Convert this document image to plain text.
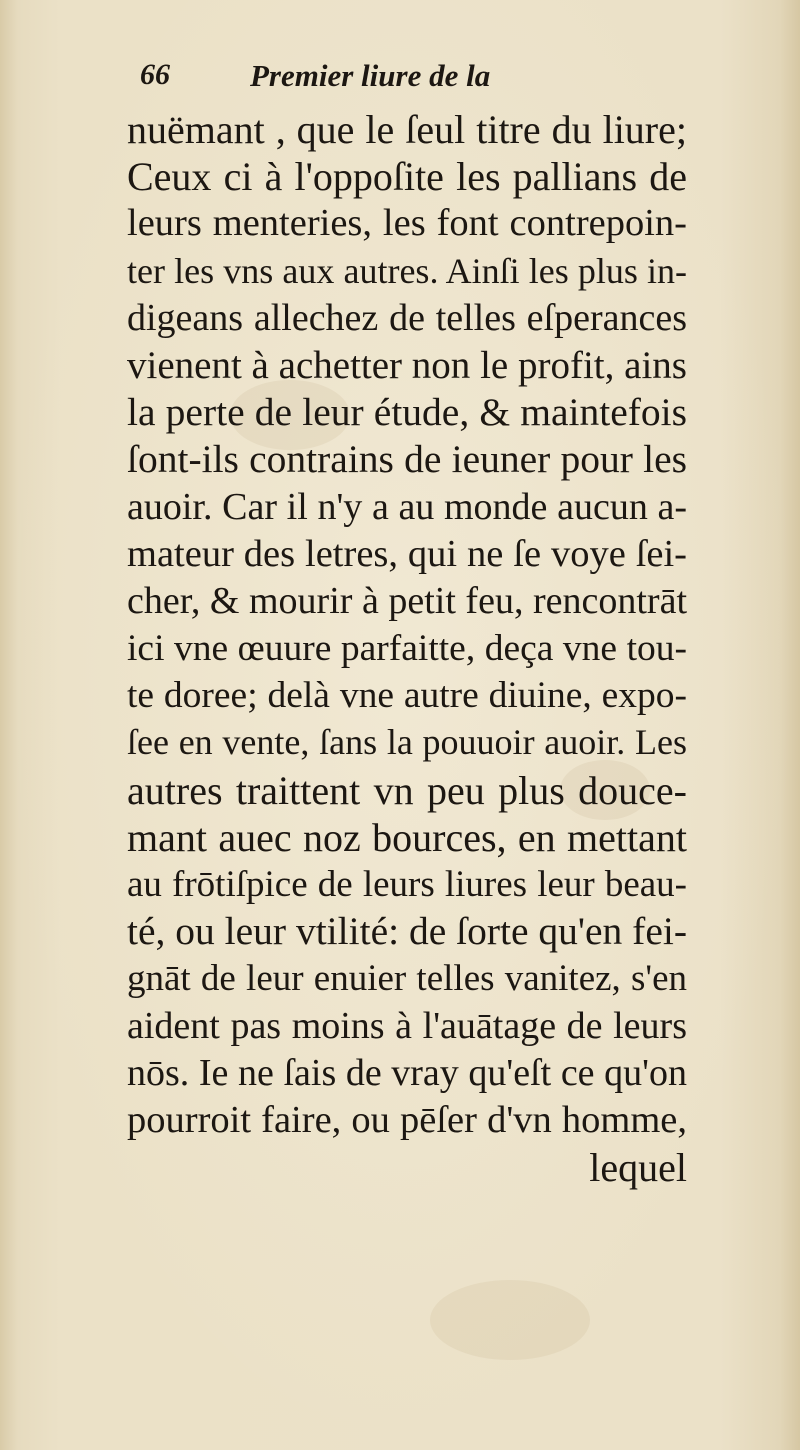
66	Premier liure de la
nuëmant , que le ſeul titre du liure;
Ceux ci à l'oppoſite les pallians de
leurs menteries, les font contrepoin-
ter les vns aux autres. Ainſi les plus in-
digeans allechez de telles eſperances
vienent à achetter non le profit, ains
la perte de leur étude, & maintefois
ſont-ils contrains de ieuner pour les
auoir. Car il n'y a au monde aucun a-
mateur des letres, qui ne ſe voye ſei-
cher, & mourir à petit feu, rencontrāt
ici vne œuure parfaitte, deça vne tou-
te doree; delà vne autre diuine, expo-
ſee en vente, ſans la pouuoir auoir. Les
autres traittent vn peu plus douce-
mant auec noz bources, en mettant
au frōtiſpice de leurs liures leur beau-
té, ou leur vtilité: de ſorte qu'en fei-
gnāt de leur enuier telles vanitez, s'en
aident pas moins à l'auātage de leurs
nōs. Ie ne ſais de vray qu'eſt ce qu'on
pourroit faire, ou pēſer d'vn homme,
lequel
